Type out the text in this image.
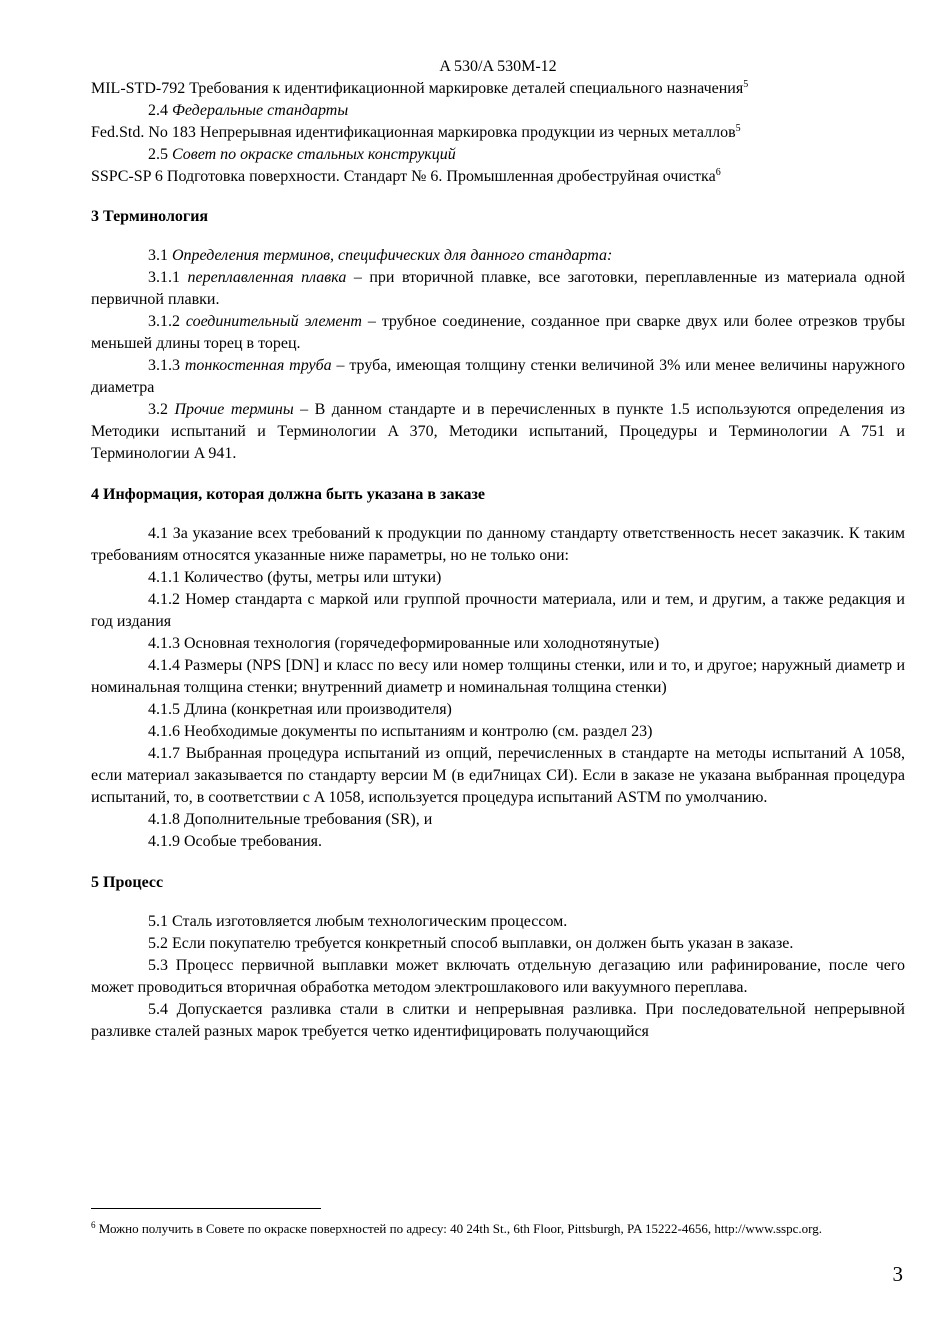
A 530/A 530M-12

MIL-STD-792 Требования к идентификационной маркировке деталей специального назначения$^5$

2.4 Федеральные стандарты

Fed.Std. No 183 Непрерывная идентификационная маркировка продукции из черных металлов$^5$

2.5 Совет по окраске стальных конструкций

SSPC-SP 6 Подготовка поверхности. Стандарт № 6. Промышленная дробеструйная очистка$^6$

3 Терминология

3.1 Определения терминов, специфических для данного стандарта:

3.1.1 переплавленная плавка – при вторичной плавке, все заготовки, переплавленные из материала одной первичной плавки.

3.1.2 соединительный элемент – трубное соединение, созданное при сварке двух или более отрезков трубы меньшей длины торец в торец.

3.1.3 тонкостенная труба – труба, имеющая толщину стенки величиной 3% или менее величины наружного диаметра

3.2 Прочие термины – В данном стандарте и в перечисленных в пункте 1.5 используются определения из Методики испытаний и Терминологии A 370, Методики испытаний, Процедуры и Терминологии A 751 и Терминологии A 941.

4 Информация, которая должна быть указана в заказе

4.1 За указание всех требований к продукции по данному стандарту ответственность несет заказчик. К таким требованиям относятся указанные ниже параметры, но не только они:

4.1.1 Количество (футы, метры или штуки)

4.1.2 Номер стандарта с маркой или группой прочности материала, или и тем, и другим, а также редакция и год издания

4.1.3 Основная технология (горячедеформированные или холоднотянутые)

4.1.4 Размеры (NPS [DN] и класс по весу или номер толщины стенки, или и то, и другое; наружный диаметр и номинальная толщина стенки; внутренний диаметр и номинальная толщина стенки)

4.1.5 Длина (конкретная или производителя)

4.1.6 Необходимые документы по испытаниям и контролю (см. раздел 23)

4.1.7 Выбранная процедура испытаний из опций, перечисленных в стандарте на методы испытаний A 1058, если материал заказывается по стандарту версии M (в еди7ницах СИ). Если в заказе не указана выбранная процедура испытаний, то, в соответствии с A 1058, используется процедура испытаний ASTM по умолчанию.

4.1.8 Дополнительные требования (SR), и

4.1.9 Особые требования.

5 Процесс

5.1 Сталь изготовляется любым технологическим процессом.

5.2 Если покупателю требуется конкретный способ выплавки, он должен быть указан в заказе.

5.3 Процесс первичной выплавки может включать отдельную дегазацию или рафинирование, после чего может проводиться вторичная обработка методом электрошлакового или вакуумного переплава.

5.4 Допускается разливка стали в слитки и непрерывная разливка. При последовательной непрерывной разливке сталей разных марок требуется четко идентифицировать получающийся

$^6$ Можно получить в Совете по окраске поверхностей по адресу: 40 24th St., 6th Floor, Pittsburgh, PA 15222-4656, http://www.sspc.org.

3
